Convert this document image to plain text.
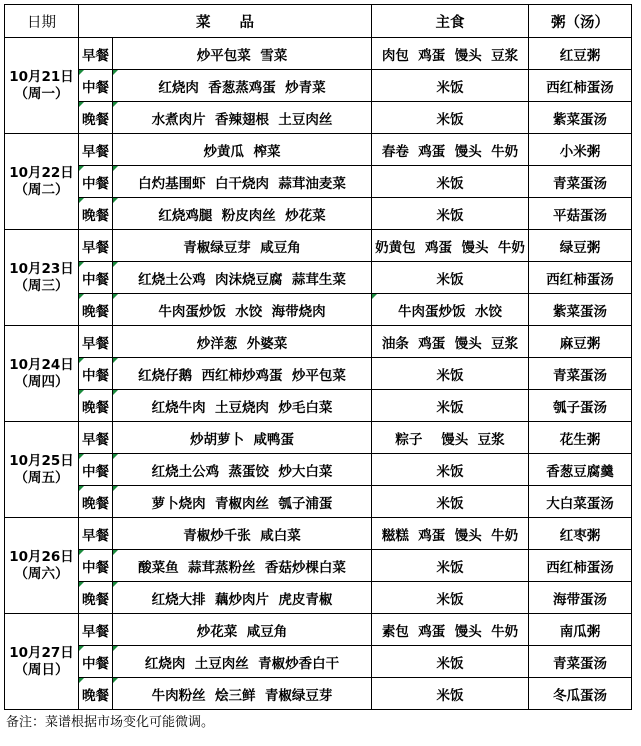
日期	菜　　品		主食	粥（汤）

10月21日
（周一）	早餐	炒平包菜  雪菜	肉包  鸡蛋  馒头  豆浆	红豆粥
	中餐	红烧肉  香葱蒸鸡蛋  炒青菜	米饭	西红柿蛋汤
	晚餐	水煮肉片  香辣翅根  土豆肉丝	米饭	紫菜蛋汤

10月22日
（周二）	早餐	炒黄瓜  榨菜	春卷  鸡蛋  馒头  牛奶	小米粥
	中餐	白灼基围虾  白干烧肉  蒜茸油麦菜	米饭	青菜蛋汤
	晚餐	红烧鸡腿  粉皮肉丝  炒花菜	米饭	平菇蛋汤

10月23日
（周三）	早餐	青椒绿豆芽  咸豆角	奶黄包  鸡蛋  馒头  牛奶	绿豆粥
	中餐	红烧土公鸡  肉沫烧豆腐  蒜茸生菜	米饭	西红柿蛋汤
	晚餐	牛肉蛋炒饭  水饺  海带烧肉	牛肉蛋炒饭  水饺	紫菜蛋汤

10月24日
（周四）	早餐	炒洋葱  外婆菜	油条  鸡蛋  馒头  豆浆	麻豆粥
	中餐	红烧仔鹅  西红柿炒鸡蛋  炒平包菜	米饭	青菜蛋汤
	晚餐	红烧牛肉  土豆烧肉  炒毛白菜	米饭	瓠子蛋汤

10月25日
（周五）	早餐	炒胡萝卜  咸鸭蛋	粽子    馒头  豆浆	花生粥
	中餐	红烧土公鸡  蒸蛋饺  炒大白菜	米饭	香葱豆腐羹
	晚餐	萝卜烧肉  青椒肉丝  瓠子浦蛋	米饭	大白菜蛋汤

10月26日
（周六）	早餐	青椒炒千张  咸白菜	糍糕  鸡蛋  馒头  牛奶	红枣粥
	中餐	酸菜鱼  蒜茸蒸粉丝  香菇炒棵白菜	米饭	西红柿蛋汤
	晚餐	红烧大排  藕炒肉片  虎皮青椒	米饭	海带蛋汤

10月27日
（周日）	早餐	炒花菜  咸豆角	素包  鸡蛋  馒头  牛奶	南瓜粥
	中餐	红烧肉  土豆肉丝  青椒炒香白干	米饭	青菜蛋汤
	晚餐	牛肉粉丝  烩三鲜  青椒绿豆芽	米饭	冬瓜蛋汤
备注：菜谱根据市场变化可能微调。
